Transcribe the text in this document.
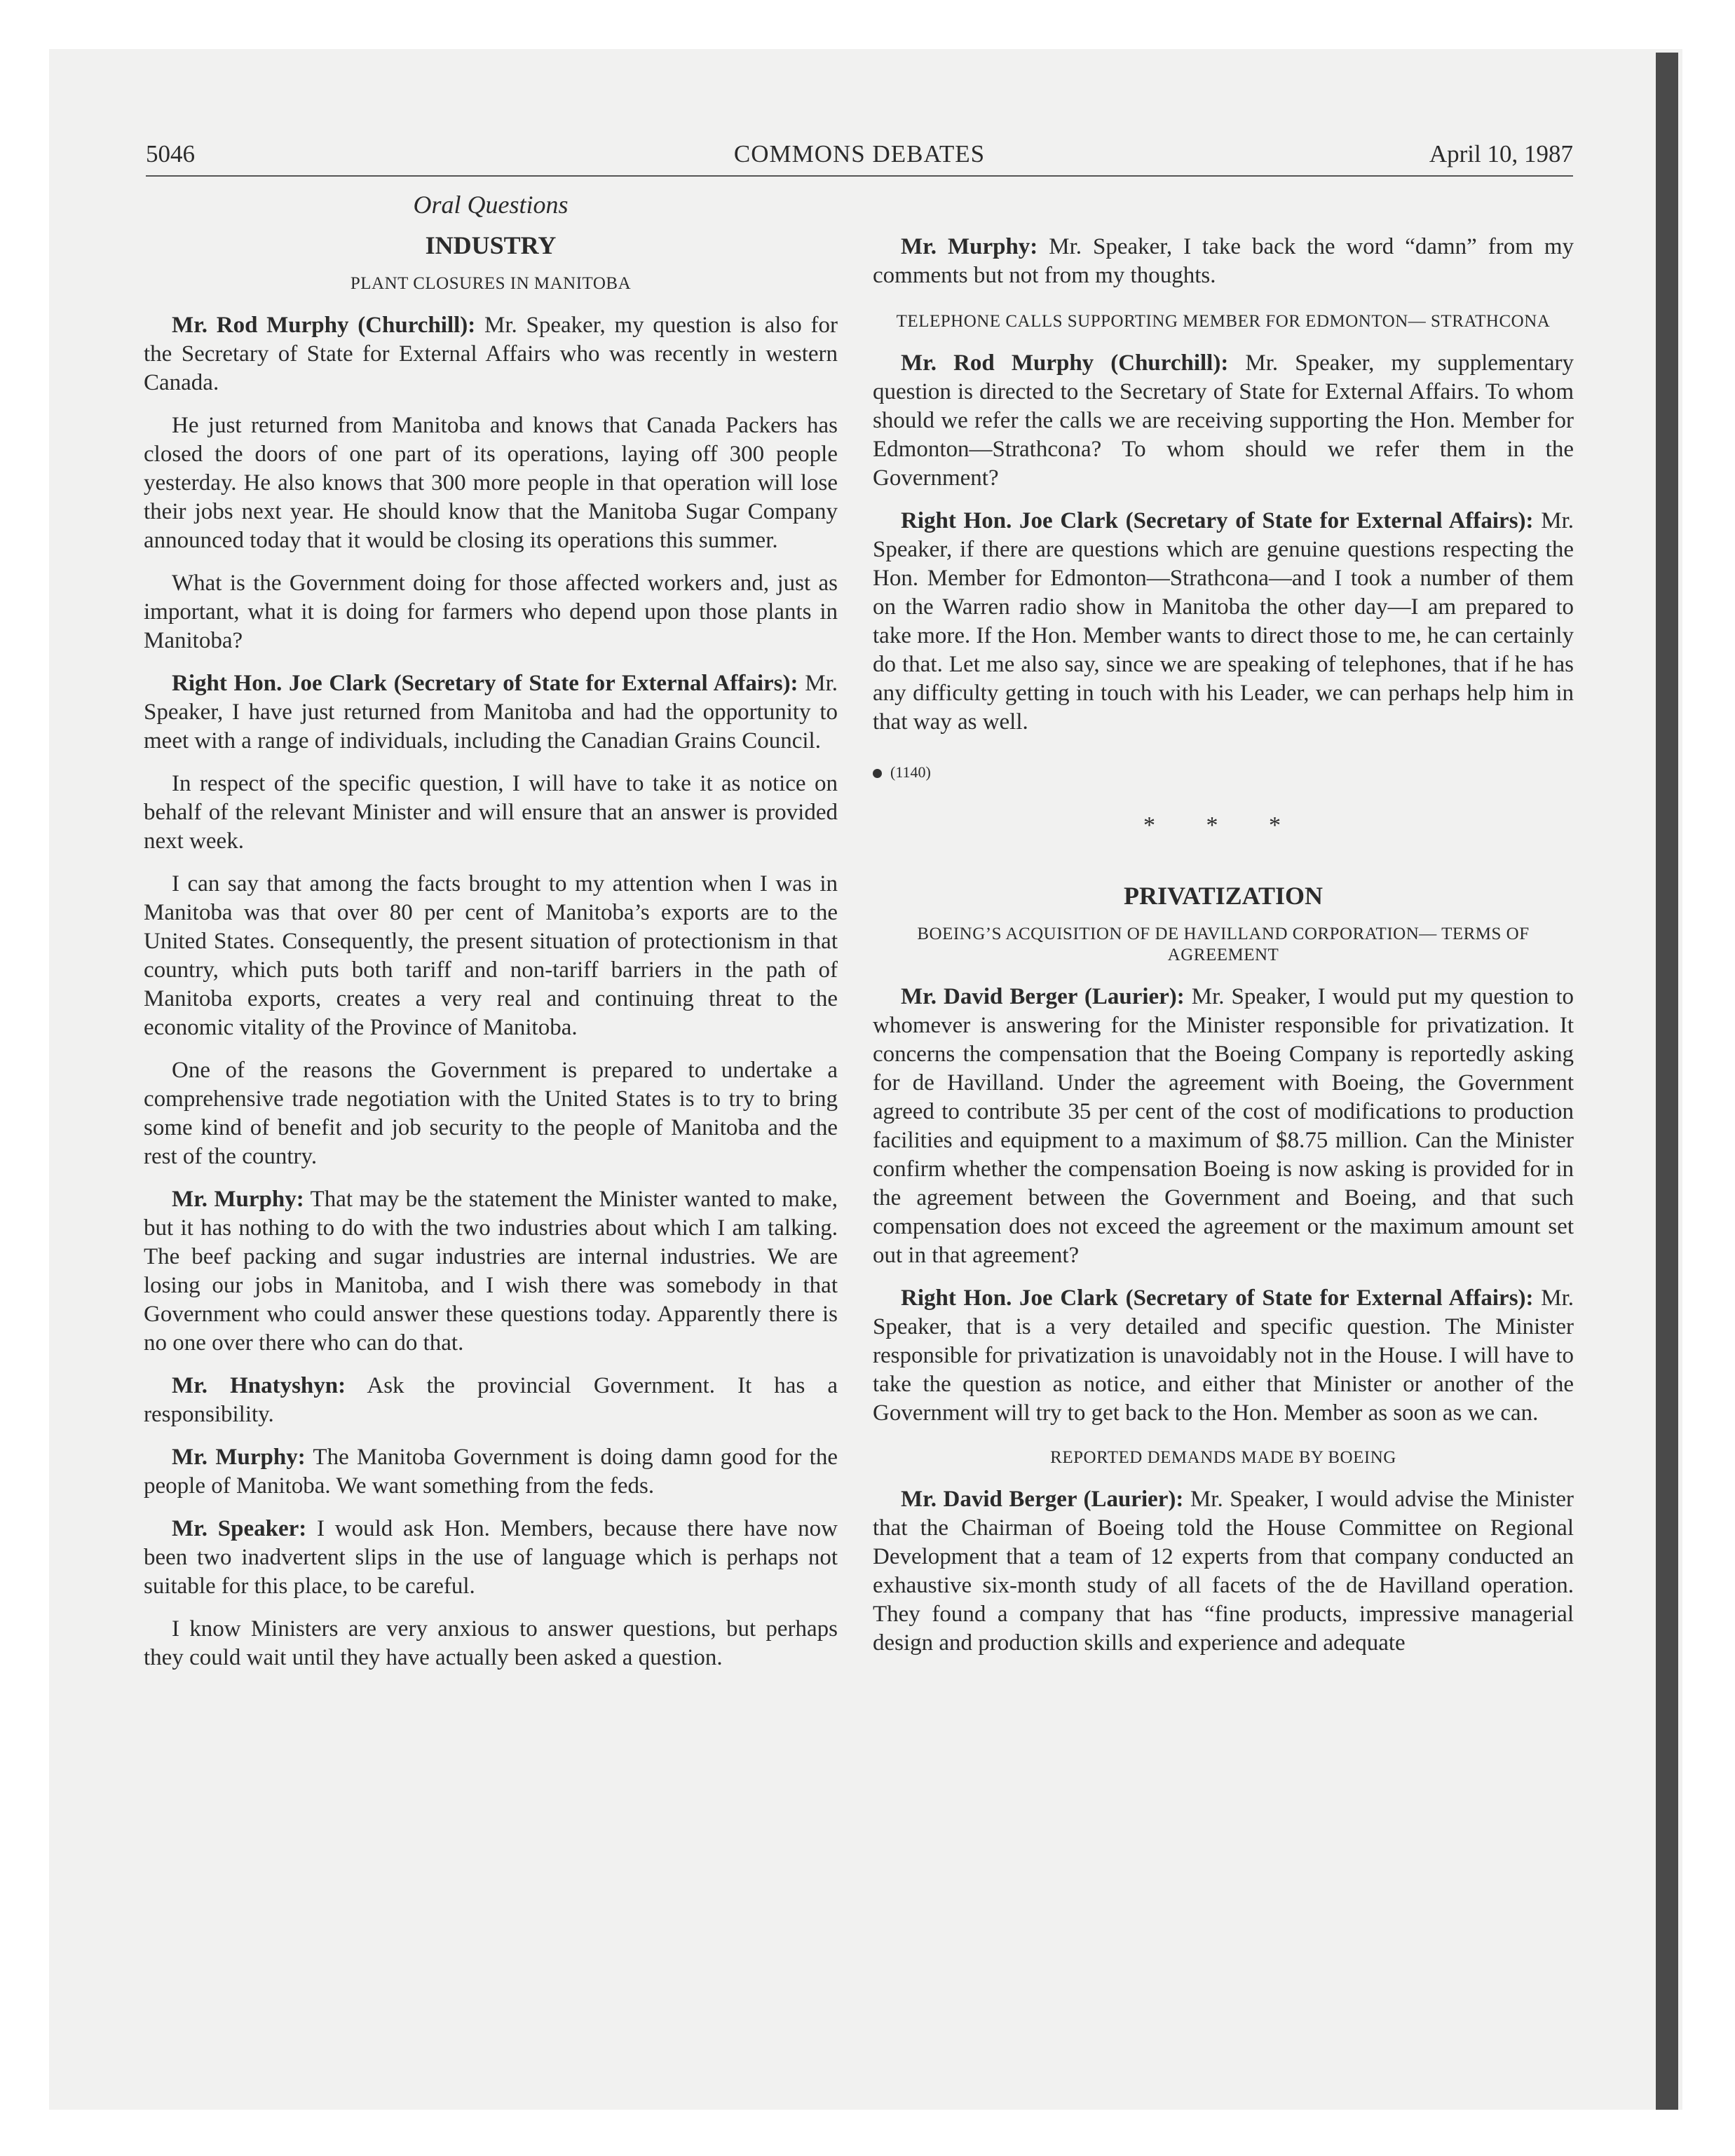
5046	COMMONS DEBATES	April 10, 1987
Oral Questions
INDUSTRY
PLANT CLOSURES IN MANITOBA

Mr. Rod Murphy (Churchill): Mr. Speaker, my question is also for the Secretary of State for External Affairs who was recently in western Canada.

He just returned from Manitoba and knows that Canada Packers has closed the doors of one part of its operations, laying off 300 people yesterday. He also knows that 300 more people in that operation will lose their jobs next year. He should know that the Manitoba Sugar Company announced today that it would be closing its operations this summer.

What is the Government doing for those affected workers and, just as important, what it is doing for farmers who depend upon those plants in Manitoba?

Right Hon. Joe Clark (Secretary of State for External Affairs): Mr. Speaker, I have just returned from Manitoba and had the opportunity to meet with a range of individuals, including the Canadian Grains Council.

In respect of the specific question, I will have to take it as notice on behalf of the relevant Minister and will ensure that an answer is provided next week.

I can say that among the facts brought to my attention when I was in Manitoba was that over 80 per cent of Manitoba’s exports are to the United States. Consequently, the present situation of protectionism in that country, which puts both tariff and non-tariff barriers in the path of Manitoba exports, creates a very real and continuing threat to the economic vitality of the Province of Manitoba.

One of the reasons the Government is prepared to undertake a comprehensive trade negotiation with the United States is to try to bring some kind of benefit and job security to the people of Manitoba and the rest of the country.

Mr. Murphy: That may be the statement the Minister wanted to make, but it has nothing to do with the two industries about which I am talking. The beef packing and sugar industries are internal industries. We are losing our jobs in Manitoba, and I wish there was somebody in that Government who could answer these questions today. Apparently there is no one over there who can do that.

Mr. Hnatyshyn: Ask the provincial Government. It has a responsibility.

Mr. Murphy: The Manitoba Government is doing damn good for the people of Manitoba. We want something from the feds.

Mr. Speaker: I would ask Hon. Members, because there have now been two inadvertent slips in the use of language which is perhaps not suitable for this place, to be careful.

I know Ministers are very anxious to answer questions, but perhaps they could wait until they have actually been asked a question.

Mr. Murphy: Mr. Speaker, I take back the word “damn” from my comments but not from my thoughts.

TELEPHONE CALLS SUPPORTING MEMBER FOR EDMONTON— STRATHCONA

Mr. Rod Murphy (Churchill): Mr. Speaker, my supplementary question is directed to the Secretary of State for External Affairs. To whom should we refer the calls we are receiving supporting the Hon. Member for Edmonton—Strathcona? To whom should we refer them in the Government?

Right Hon. Joe Clark (Secretary of State for External Affairs): Mr. Speaker, if there are questions which are genuine questions respecting the Hon. Member for Edmonton—Strathcona—and I took a number of them on the Warren radio show in Manitoba the other day—I am prepared to take more. If the Hon. Member wants to direct those to me, he can certainly do that. Let me also say, since we are speaking of telephones, that if he has any difficulty getting in touch with his Leader, we can perhaps help him in that way as well.

(1140)
* * *
PRIVATIZATION
BOEING’S ACQUISITION OF DE HAVILLAND CORPORATION— TERMS OF AGREEMENT

Mr. David Berger (Laurier): Mr. Speaker, I would put my question to whomever is answering for the Minister responsible for privatization. It concerns the compensation that the Boeing Company is reportedly asking for de Havilland. Under the agreement with Boeing, the Government agreed to contribute 35 per cent of the cost of modifications to production facilities and equipment to a maximum of $8.75 million. Can the Minister confirm whether the compensation Boeing is now asking is provided for in the agreement between the Government and Boeing, and that such compensation does not exceed the agreement or the maximum amount set out in that agreement?

Right Hon. Joe Clark (Secretary of State for External Affairs): Mr. Speaker, that is a very detailed and specific question. The Minister responsible for privatization is unavoidably not in the House. I will have to take the question as notice, and either that Minister or another of the Government will try to get back to the Hon. Member as soon as we can.

REPORTED DEMANDS MADE BY BOEING

Mr. David Berger (Laurier): Mr. Speaker, I would advise the Minister that the Chairman of Boeing told the House Committee on Regional Development that a team of 12 experts from that company conducted an exhaustive six-month study of all facets of the de Havilland operation. They found a company that has “fine products, impressive managerial design and production skills and experience and adequate
